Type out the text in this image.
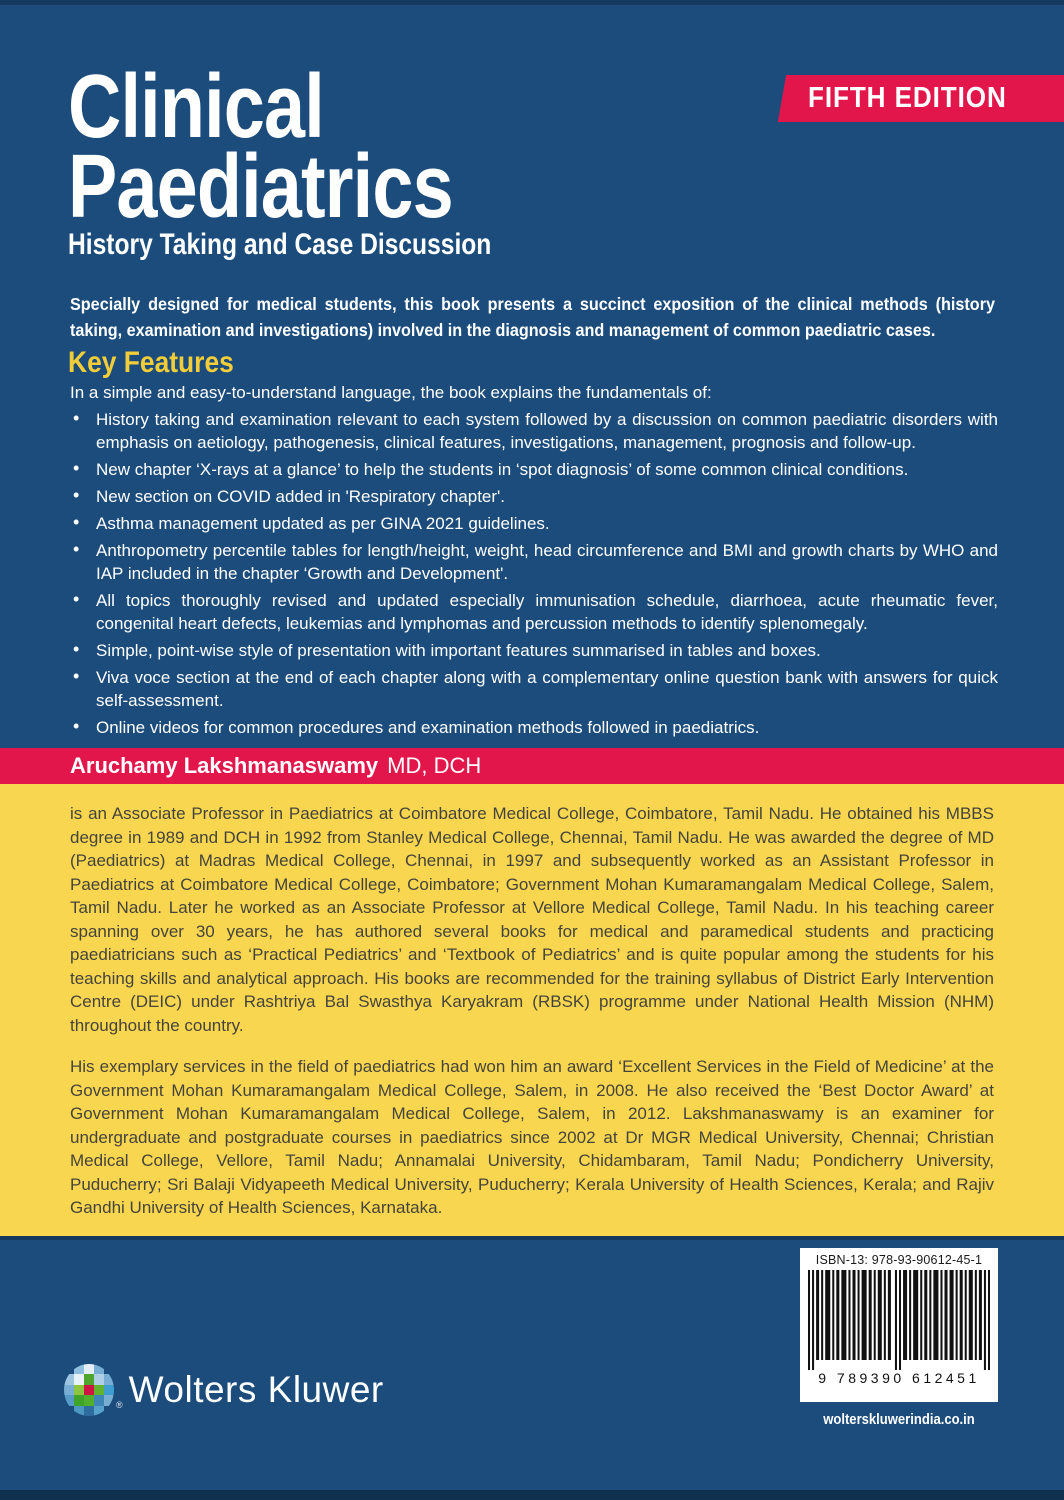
FIFTH EDITION
Clinical
Paediatrics
History Taking and Case Discussion
Specially designed for medical students, this book presents a succinct exposition of the clinical methods (history taking, examination and investigations) involved in the diagnosis and management of common paediatric cases.
Key Features
In a simple and easy-to-understand language, the book explains the fundamentals of:
• History taking and examination relevant to each system followed by a discussion on common paediatric disorders with emphasis on aetiology, pathogenesis, clinical features, investigations, management, prognosis and follow-up.
• New chapter ‘X-rays at a glance’ to help the students in ‘spot diagnosis’ of some common clinical conditions.
• New section on COVID added in 'Respiratory chapter'.
• Asthma management updated as per GINA 2021 guidelines.
• Anthropometry percentile tables for length/height, weight, head circumference and BMI and growth charts by WHO and IAP included in the chapter ‘Growth and Development'.
• All topics thoroughly revised and updated especially immunisation schedule, diarrhoea, acute rheumatic fever, congenital heart defects, leukemias and lymphomas and percussion methods to identify splenomegaly.
• Simple, point-wise style of presentation with important features summarised in tables and boxes.
• Viva voce section at the end of each chapter along with a complementary online question bank with answers for quick self-assessment.
• Online videos for common procedures and examination methods followed in paediatrics.
Aruchamy Lakshmanaswamy MD, DCH

is an Associate Professor in Paediatrics at Coimbatore Medical College, Coimbatore, Tamil Nadu. He obtained his MBBS degree in 1989 and DCH in 1992 from Stanley Medical College, Chennai, Tamil Nadu. He was awarded the degree of MD (Paediatrics) at Madras Medical College, Chennai, in 1997 and subsequently worked as an Assistant Professor in Paediatrics at Coimbatore Medical College, Coimbatore; Government Mohan Kumaramangalam Medical College, Salem, Tamil Nadu. Later he worked as an Associate Professor at Vellore Medical College, Tamil Nadu. In his teaching career spanning over 30 years, he has authored several books for medical and paramedical students and practicing paediatricians such as ‘Practical Pediatrics’ and ‘Textbook of Pediatrics’ and is quite popular among the students for his teaching skills and analytical approach. His books are recommended for the training syllabus of District Early Intervention Centre (DEIC) under Rashtriya Bal Swasthya Karyakram (RBSK) programme under National Health Mission (NHM) throughout the country.

His exemplary services in the field of paediatrics had won him an award ‘Excellent Services in the Field of Medicine’ at the Government Mohan Kumaramangalam Medical College, Salem, in 2008. He also received the ‘Best Doctor Award’ at Government Mohan Kumaramangalam Medical College, Salem, in 2012. Lakshmanaswamy is an examiner for undergraduate and postgraduate courses in paediatrics since 2002 at Dr MGR Medical University, Chennai; Christian Medical College, Vellore, Tamil Nadu; Annamalai University, Chidambaram, Tamil Nadu; Pondicherry University, Puducherry; Sri Balaji Vidyapeeth Medical University, Puducherry; Kerala University of Health Sciences, Kerala; and Rajiv Gandhi University of Health Sciences, Karnataka.

® Wolters Kluwer
ISBN-13: 978-93-90612-45-1
9 789390 612451
wolterskluwerindia.co.in
